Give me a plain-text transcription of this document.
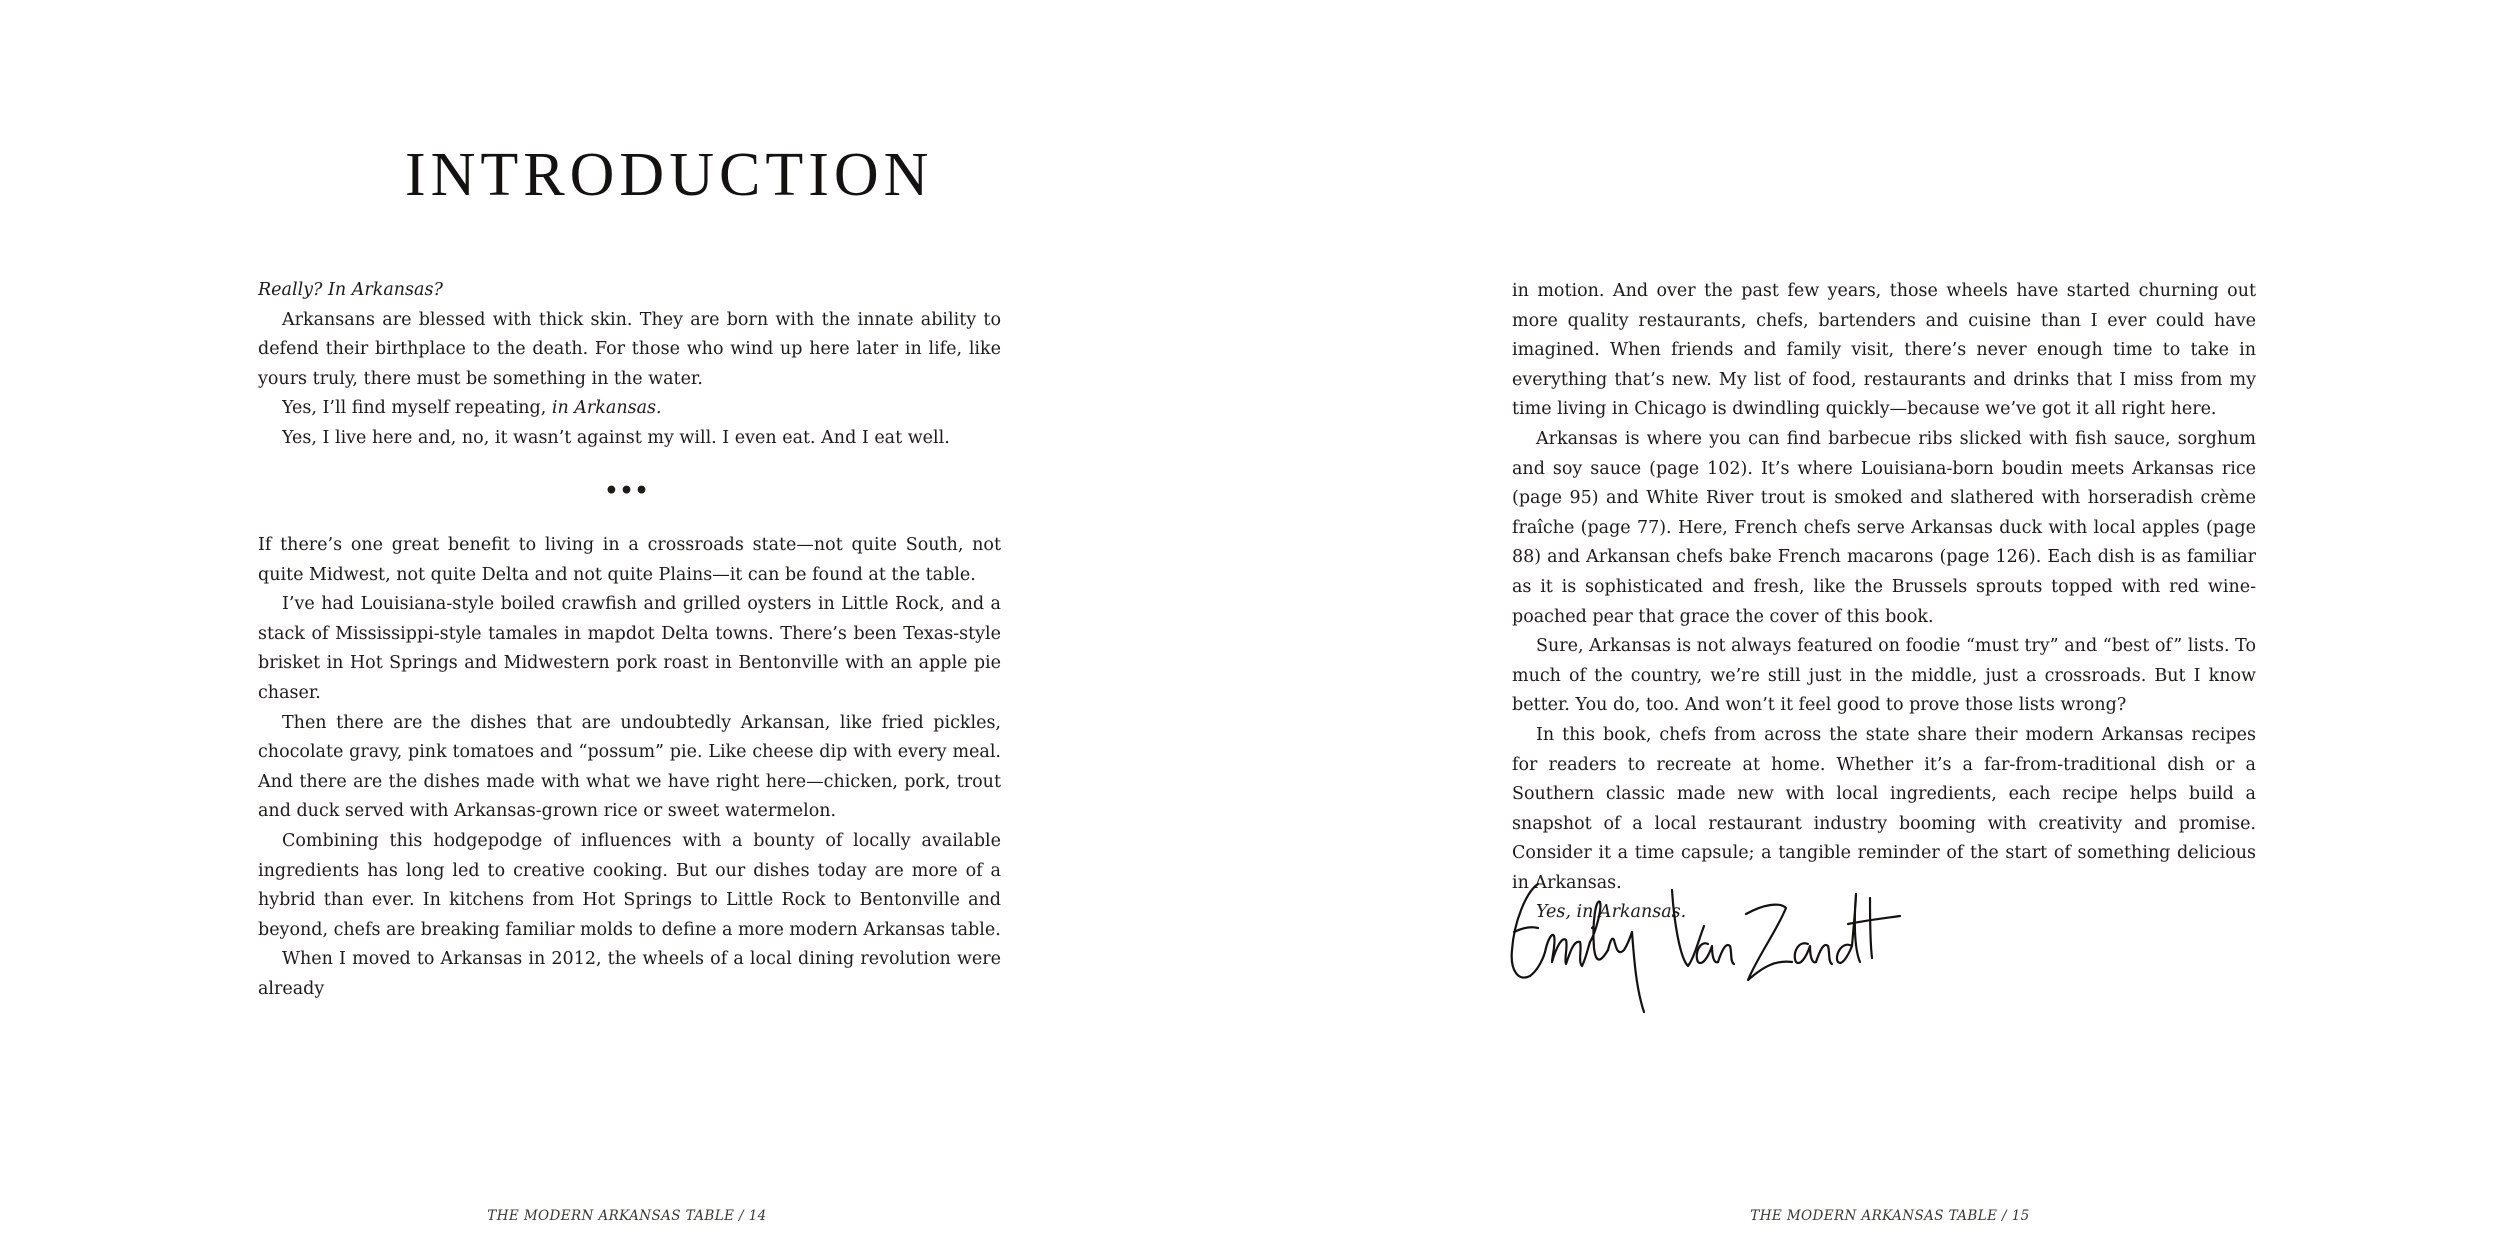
INTRODUCTION

Really? In Arkansas?

Arkansans are blessed with thick skin. They are born with the innate ability to defend their birthplace to the death. For those who wind up here later in life, like yours truly, there must be something in the water.

Yes, I’ll find myself repeating, in Arkansas.

Yes, I live here and, no, it wasn’t against my will. I even eat. And I eat well.

•••

If there’s one great benefit to living in a crossroads state—not quite South, not quite Midwest, not quite Delta and not quite Plains—it can be found at the table.

I’ve had Louisiana-style boiled crawfish and grilled oysters in Little Rock, and a stack of Mississippi-style tamales in mapdot Delta towns. There’s been Texas-style brisket in Hot Springs and Midwestern pork roast in Bentonville with an apple pie chaser.

Then there are the dishes that are undoubtedly Arkansan, like fried pickles, chocolate gravy, pink tomatoes and “possum” pie. Like cheese dip with every meal. And there are the dishes made with what we have right here—chicken, pork, trout and duck served with Arkansas-grown rice or sweet watermelon.

Combining this hodgepodge of influences with a bounty of locally available ingredients has long led to creative cooking. But our dishes today are more of a hybrid than ever. In kitchens from Hot Springs to Little Rock to Bentonville and beyond, chefs are breaking familiar molds to define a more modern Arkansas table.

When I moved to Arkansas in 2012, the wheels of a local dining revolution were already

THE MODERN ARKANSAS TABLE / 14

in motion. And over the past few years, those wheels have started churning out more quality restaurants, chefs, bartenders and cuisine than I ever could have imagined. When friends and family visit, there’s never enough time to take in everything that’s new. My list of food, restaurants and drinks that I miss from my time living in Chicago is dwindling quickly—because we’ve got it all right here.

Arkansas is where you can find barbecue ribs slicked with fish sauce, sorghum and soy sauce (page 102). It’s where Louisiana-born boudin meets Arkansas rice (page 95) and White River trout is smoked and slathered with horseradish crème fraîche (page 77). Here, French chefs serve Arkansas duck with local apples (page 88) and Arkansan chefs bake French macarons (page 126). Each dish is as familiar as it is sophisticated and fresh, like the Brussels sprouts topped with red wine-poached pear that grace the cover of this book.

Sure, Arkansas is not always featured on foodie “must try” and “best of” lists. To much of the country, we’re still just in the middle, just a crossroads. But I know better. You do, too. And won’t it feel good to prove those lists wrong?

In this book, chefs from across the state share their modern Arkansas recipes for readers to recreate at home. Whether it’s a far-from-traditional dish or a Southern classic made new with local ingredients, each recipe helps build a snapshot of a local restaurant industry booming with creativity and promise. Consider it a time capsule; a tangible reminder of the start of something delicious in Arkansas.

Yes, in Arkansas.

THE MODERN ARKANSAS TABLE / 15
